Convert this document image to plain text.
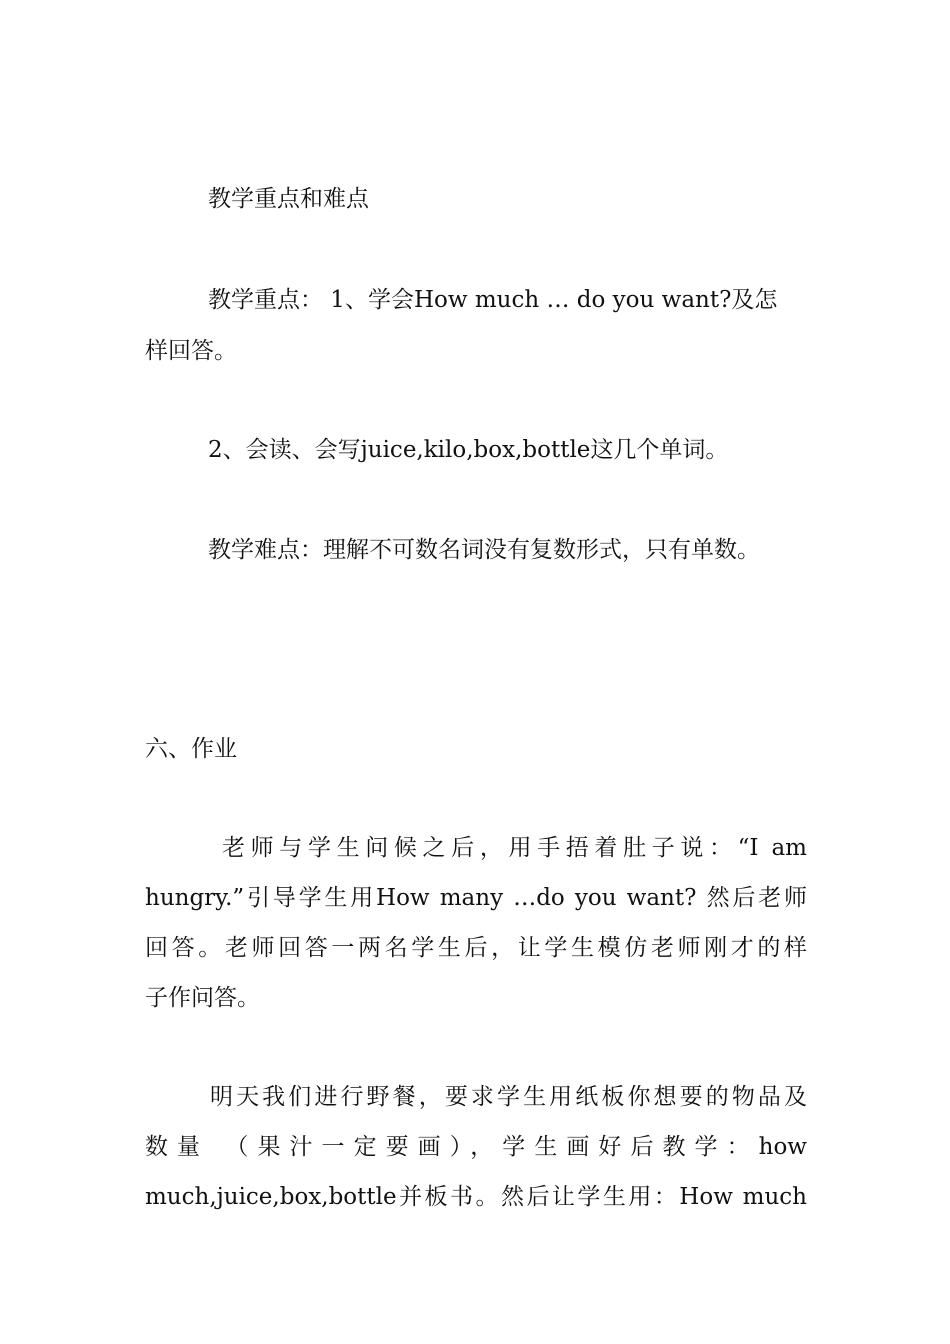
教学重点和难点
教学重点： 1、学会How much … do you want?及怎
样回答。
2、会读、会写juice,kilo,box,bottle这几个单词。
教学难点：理解不可数名词没有复数形式，只有单数。
六、作业
老师与学生问候之后，用手捂着肚子说：“I am
hungry.”引导学生用How many …do you want? 然后老师
回答。老师回答一两名学生后，让学生模仿老师刚才的样
子作问答。
明天我们进行野餐，要求学生用纸板你想要的物品及
数量 （果汁一定要画），学生画好后教学：how
much,juice,box,bottle并板书。然后让学生用：How much
